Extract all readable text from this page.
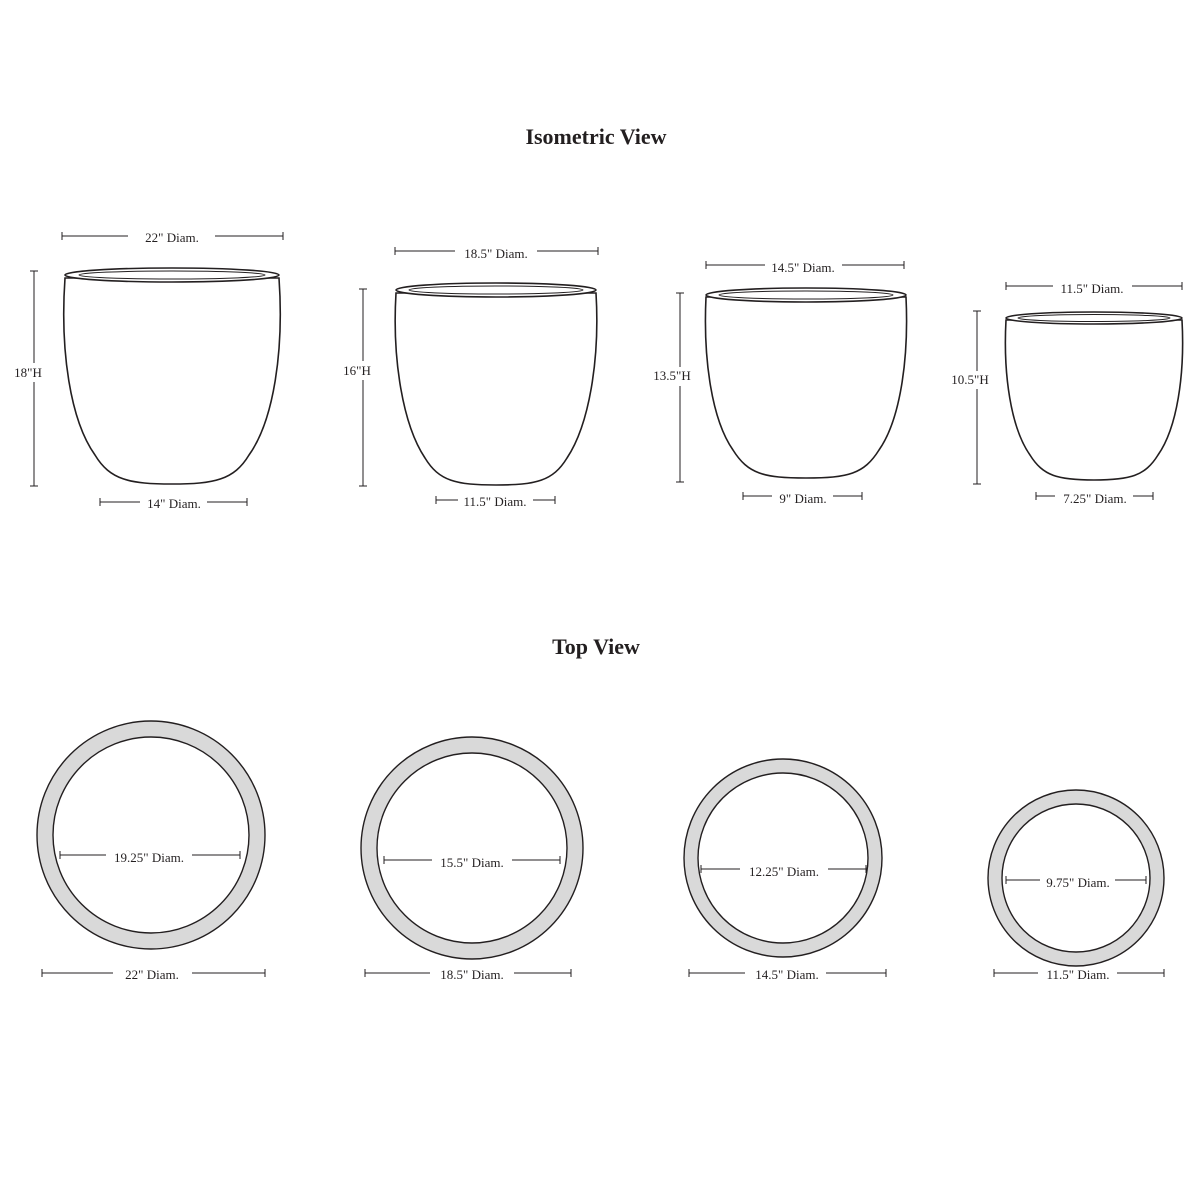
Isometric View
22" Diam.
18"H
14" Diam.
18.5" Diam.
16"H
11.5" Diam.
14.5" Diam.
13.5"H
9" Diam.
11.5" Diam.
10.5"H
7.25" Diam.
Top View
19.25" Diam.
22" Diam.
15.5" Diam.
18.5" Diam.
12.25" Diam.
14.5" Diam.
9.75" Diam.
11.5" Diam.
